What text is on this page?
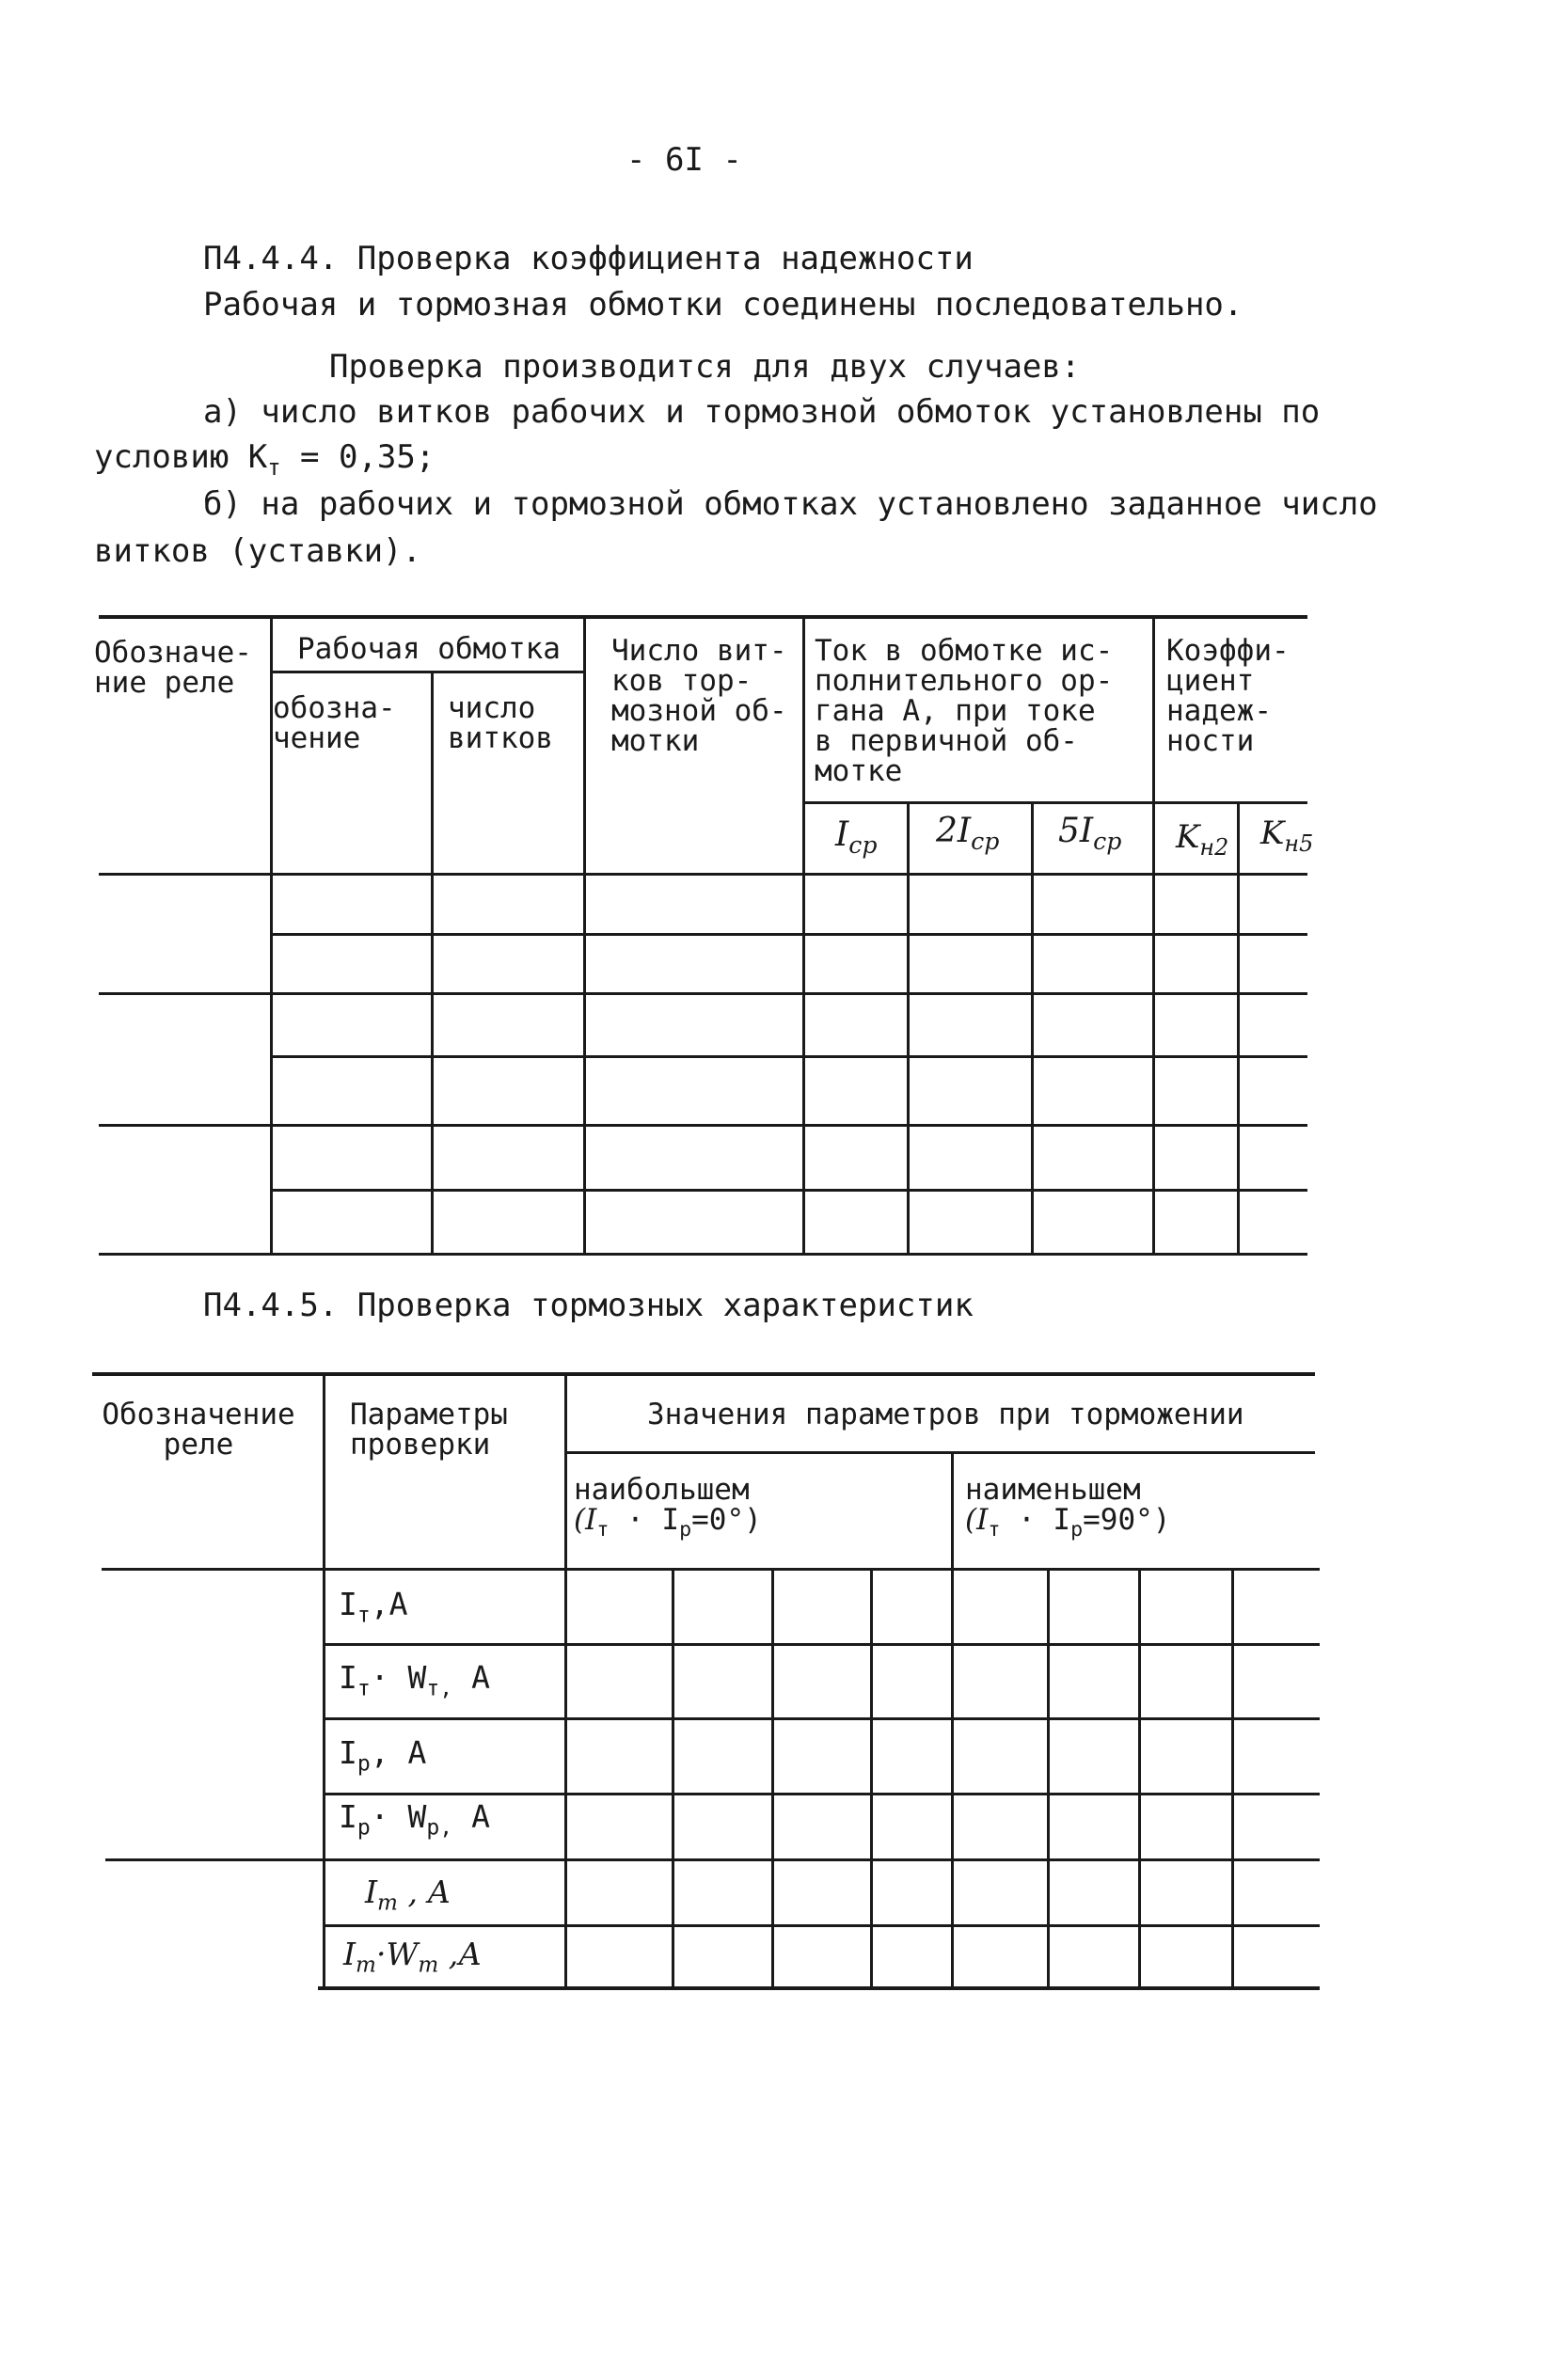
- 6I -
П4.4.4. Проверка коэффициента надежности
Рабочая и тормозная обмотки соединены последовательно.
Проверка производится для двух случаев:
а) число витков рабочих и тормозной обмоток установлены по
условию $К_т = 0,35$;
б) на рабочих и тормозной обмотках установлено заданное число
витков (уставки).
Обозначе-
ние реле
Рабочая обмотка
обозна-
чение
число
витков
Число вит-
ков тор-
мозной об-
мотки
Ток в обмотке ис-
полнительного ор-
гана А, при токе
в первичной об-
мотке
Коэффи-
циент
надеж-
ности
$I_{ср}$ $2I_{ср}$ $5I_{ср}$ $K_{н2}$ $K_{н5}$
П4.4.5. Проверка тормозных характеристик
Обозначение
реле
Параметры
проверки
Значения параметров при торможении
наибольшем
$(I_т \cdot I_р=0^\circ)$
наименьшем
$(I_т \cdot I_р=90^\circ)$
$I_т,А$
$I_т\cdot W_{т,}$ А
$I_р$, А
$I_р\cdot W_{р,}$ А
$I_т$ , А
$I_т\cdot W_т$ ,А
